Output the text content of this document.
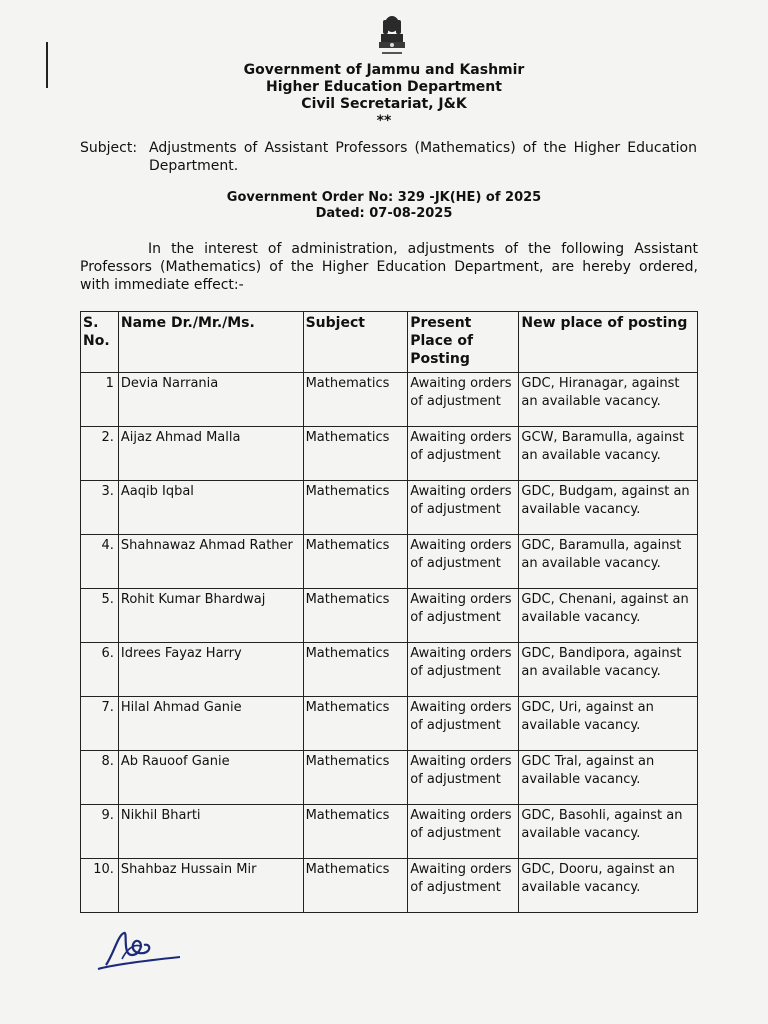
Government of Jammu and Kashmir
Higher Education Department
Civil Secretariat, J&K
**
Subject: Adjustments of Assistant Professors (Mathematics) of the Higher Education Department.
Government Order No: 329 -JK(HE) of 2025
Dated: 07-08-2025
In the interest of administration, adjustments of the following Assistant Professors (Mathematics) of the Higher Education Department, are hereby ordered, with immediate effect:-
S. No.	Name Dr./Mr./Ms.	Subject	Present Place of Posting	New place of posting
1	Devia Narrania	Mathematics	Awaiting orders of adjustment	GDC, Hiranagar, against an available vacancy.
2.	Aijaz Ahmad Malla	Mathematics	Awaiting orders of adjustment	GCW, Baramulla, against an available vacancy.
3.	Aaqib Iqbal	Mathematics	Awaiting orders of adjustment	GDC, Budgam, against an available vacancy.
4.	Shahnawaz Ahmad Rather	Mathematics	Awaiting orders of adjustment	GDC, Baramulla, against an available vacancy.
5.	Rohit Kumar Bhardwaj	Mathematics	Awaiting orders of adjustment	GDC, Chenani, against an available vacancy.
6.	Idrees Fayaz Harry	Mathematics	Awaiting orders of adjustment	GDC, Bandipora, against an available vacancy.
7.	Hilal Ahmad Ganie	Mathematics	Awaiting orders of adjustment	GDC, Uri, against an available vacancy.
8.	Ab Rauoof Ganie	Mathematics	Awaiting orders of adjustment	GDC Tral, against an available vacancy.
9.	Nikhil Bharti	Mathematics	Awaiting orders of adjustment	GDC, Basohli, against an available vacancy.
10.	Shahbaz Hussain Mir	Mathematics	Awaiting orders of adjustment	GDC, Dooru, against an available vacancy.
